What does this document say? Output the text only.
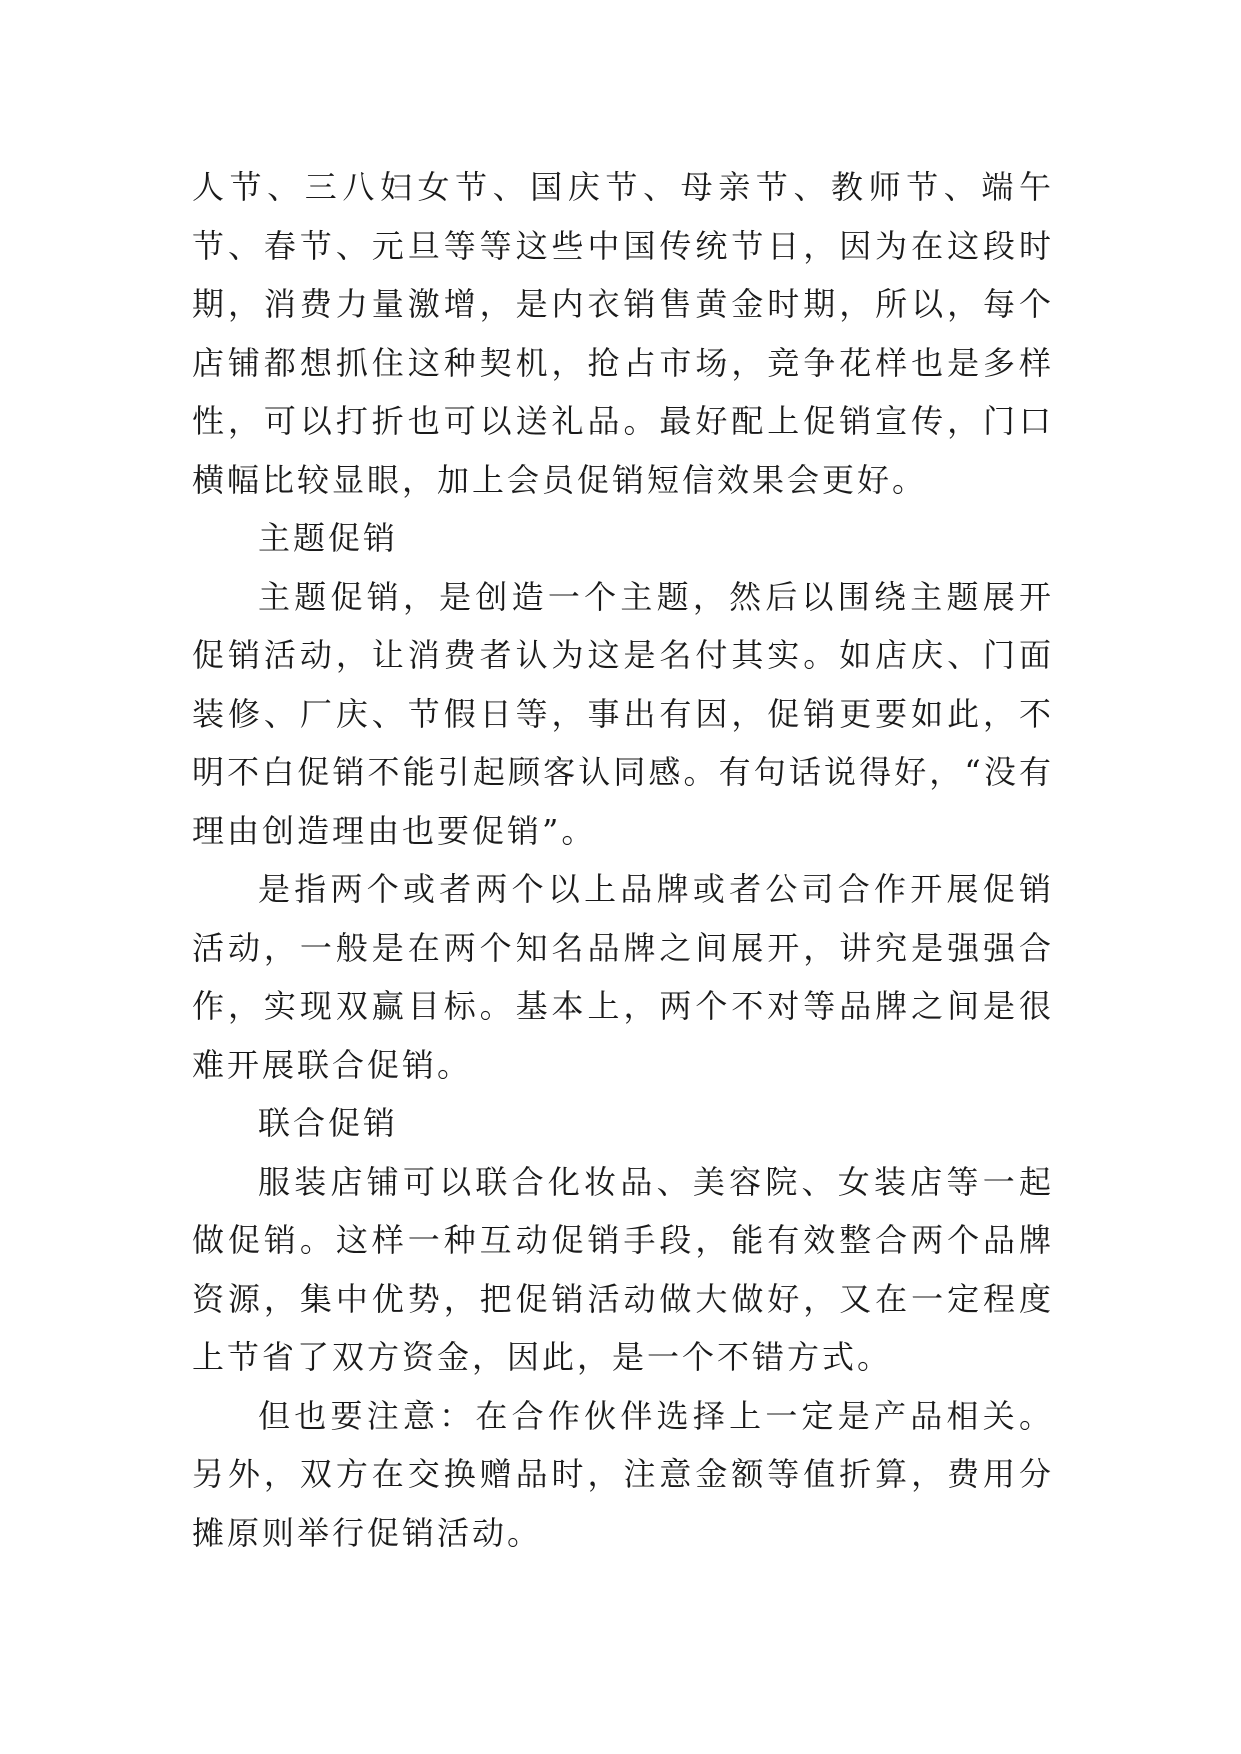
人节、三八妇女节、国庆节、母亲节、教师节、端午节、春节、元旦等等这些中国传统节日，因为在这段时期，消费力量激增，是内衣销售黄金时期，所以，每个店铺都想抓住这种契机，抢占市场，竞争花样也是多样性，可以打折也可以送礼品。最好配上促销宣传，门口横幅比较显眼，加上会员促销短信效果会更好。

主题促销

主题促销，是创造一个主题，然后以围绕主题展开促销活动，让消费者认为这是名付其实。如店庆、门面装修、厂庆、节假日等，事出有因，促销更要如此，不明不白促销不能引起顾客认同感。有句话说得好，“没有理由创造理由也要促销”。

是指两个或者两个以上品牌或者公司合作开展促销活动，一般是在两个知名品牌之间展开，讲究是强强合作，实现双赢目标。基本上，两个不对等品牌之间是很难开展联合促销。

联合促销

服装店铺可以联合化妆品、美容院、女装店等一起做促销。这样一种互动促销手段，能有效整合两个品牌资源，集中优势，把促销活动做大做好，又在一定程度上节省了双方资金，因此，是一个不错方式。

但也要注意：在合作伙伴选择上一定是产品相关。另外，双方在交换赠品时，注意金额等值折算，费用分摊原则举行促销活动。
